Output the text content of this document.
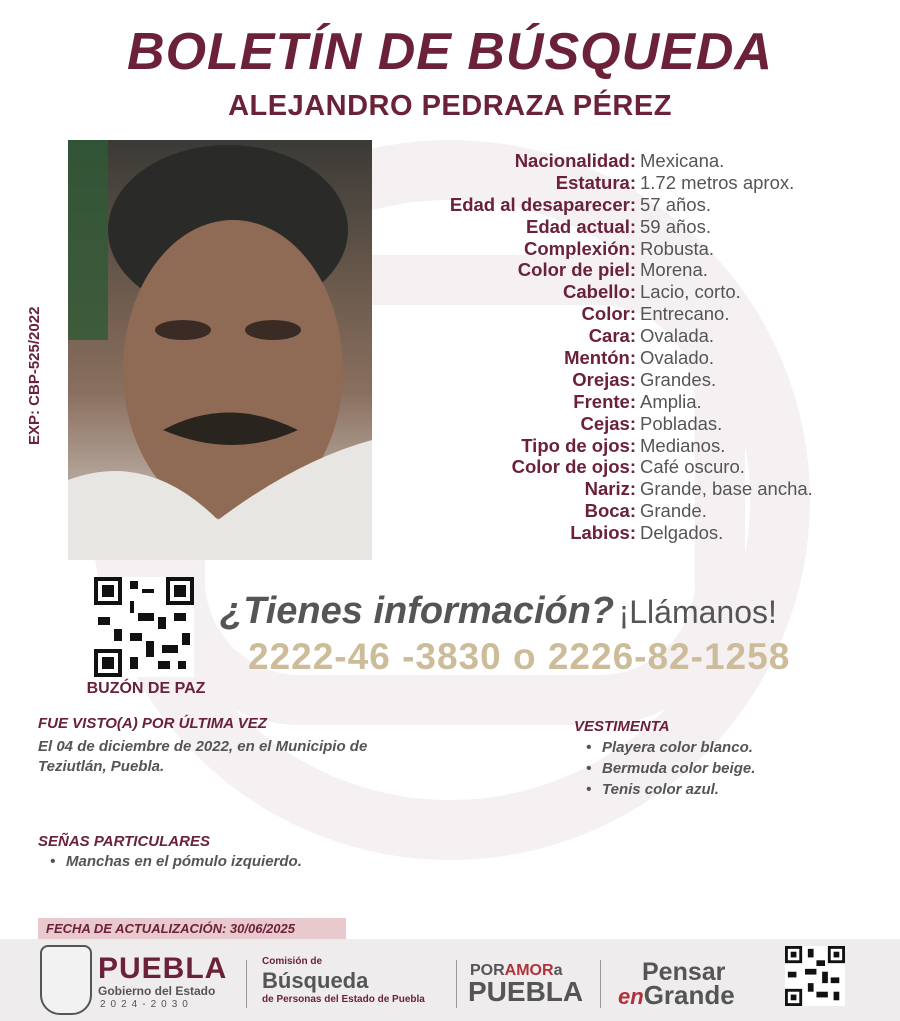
BOLETÍN DE BÚSQUEDA
ALEJANDRO PEDRAZA PÉREZ
EXP: CBP-525/2022
Nacionalidad: Mexicana.
Estatura: 1.72 metros aprox.
Edad al desaparecer: 57 años.
Edad actual: 59 años.
Complexión: Robusta.
Color de piel: Morena.
Cabello: Lacio, corto.
Color: Entrecano.
Cara: Ovalada.
Mentón: Ovalado.
Orejas: Grandes.
Frente: Amplia.
Cejas: Pobladas.
Tipo de ojos: Medianos.
Color de ojos: Café oscuro.
Nariz: Grande, base ancha.
Boca: Grande.
Labios: Delgados.
BUZÓN DE PAZ
¿Tienes información? ¡Llámanos!
2222-46 -3830 o 2226-82-1258
FUE VISTO(A) POR ÚLTIMA VEZ
El 04 de diciembre de 2022, en el Municipio de
Teziutlán, Puebla.
VESTIMENTA
• Playera color blanco.
• Bermuda color beige.
• Tenis color azul.
SEÑAS PARTICULARES
• Manchas en el pómulo izquierdo.
FECHA DE ACTUALIZACIÓN: 30/06/2025
PUEBLA
Gobierno del Estado
2024-2030
Comisión de
Búsqueda
de Personas del Estado de Puebla
PORAMORa
PUEBLA
Pensar
enGrande
